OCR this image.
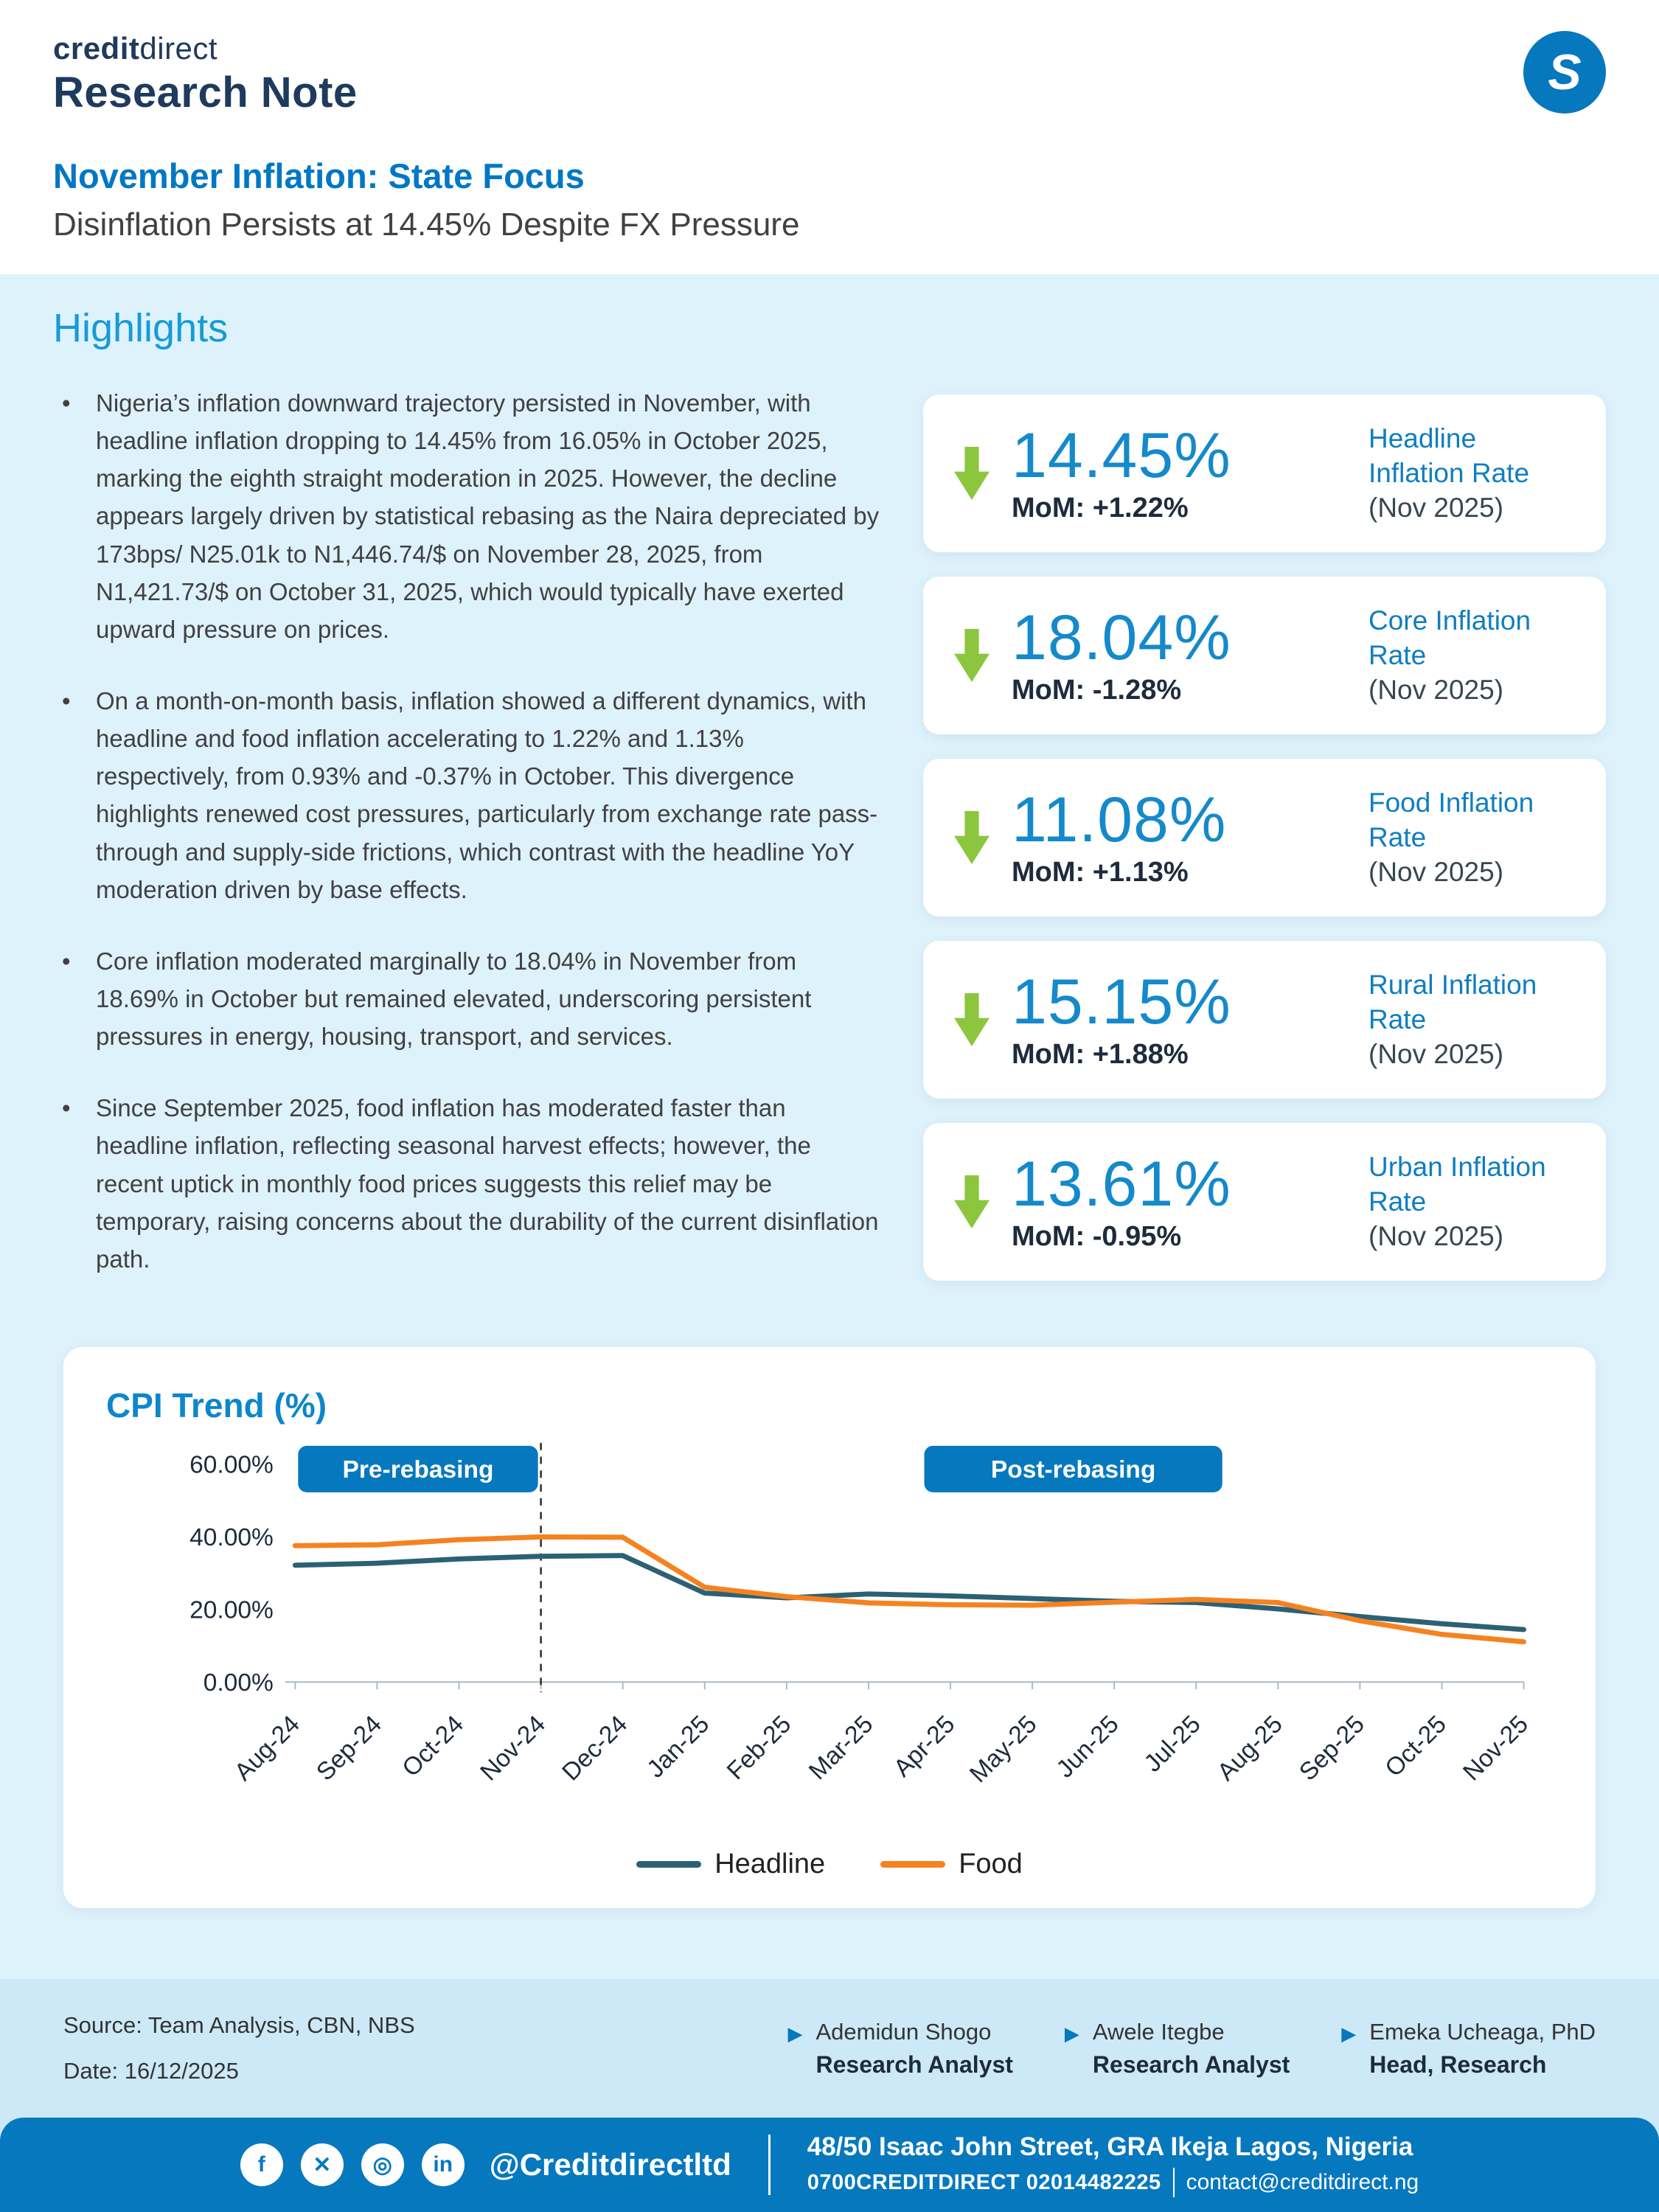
creditdirect
Research Note	S
November Inflation: State Focus
Disinflation Persists at 14.45% Despite FX Pressure
Highlights
• Nigeria’s inflation downward trajectory persisted in November, with headline inflation dropping to 14.45% from 16.05% in October 2025, marking the eighth straight moderation in 2025. However, the decline appears largely driven by statistical rebasing as the Naira depreciated by 173bps/ N25.01k to N1,446.74/$ on November 28, 2025, from N1,421.73/$ on October 31, 2025, which would typically have exerted upward pressure on prices.
• On a month-on-month basis, inflation showed a different dynamics, with headline and food inflation accelerating to 1.22% and 1.13% respectively, from 0.93% and -0.37% in October. This divergence highlights renewed cost pressures, particularly from exchange rate pass-through and supply-side frictions, which contrast with the headline YoY moderation driven by base effects.
• Core inflation moderated marginally to 18.04% in November from 18.69% in October but remained elevated, underscoring persistent pressures in energy, housing, transport, and services.
• Since September 2025, food inflation has moderated faster than headline inflation, reflecting seasonal harvest effects; however, the recent uptick in monthly food prices suggests this relief may be temporary, raising concerns about the durability of the current disinflation path.
14.45%
MoM: +1.22%
Headline Inflation Rate
(Nov 2025)
18.04%
MoM: -1.28%
Core Inflation Rate
(Nov 2025)
11.08%
MoM: +1.13%
Food Inflation Rate
(Nov 2025)
15.15%
MoM: +1.88%
Rural Inflation Rate
(Nov 2025)
13.61%
MoM: -0.95%
Urban Inflation Rate
(Nov 2025)
CPI Trend (%)
0.00%
20.00%
40.00%
60.00%
Aug-24 Sep-24 Oct-24 Nov-24 Dec-24 Jan-25 Feb-25 Mar-25 Apr-25 May-25 Jun-25 Jul-25 Aug-25 Sep-25 Oct-25 Nov-25
Pre-rebasing	Post-rebasing
Headline	Food
Source: Team Analysis, CBN, NBS
Date: 16/12/2025
▶ Ademidun Shogo
Research Analyst
▶ Awele Itegbe
Research Analyst
▶ Emeka Ucheaga, PhD
Head, Research
f	✕	◎	in	@Creditdirectltd
48/50 Isaac John Street, GRA Ikeja Lagos, Nigeria
0700CREDITDIRECT 02014482225 contact@creditdirect.ng
